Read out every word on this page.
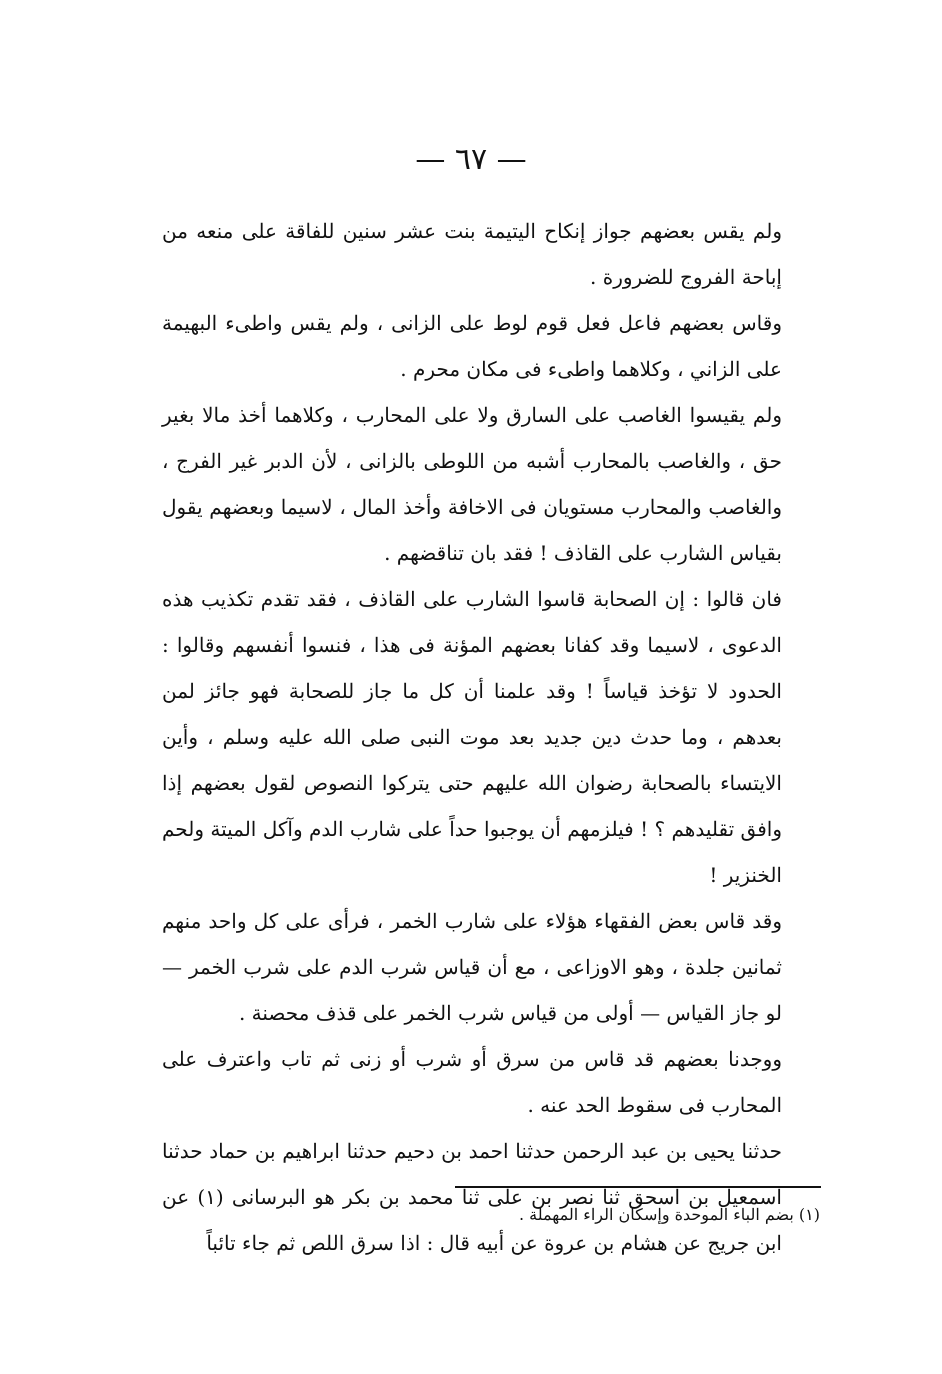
— ٦٧ —

ولم يقس بعضهم جواز إنكاح اليتيمة بنت عشر سنين للفاقة على منعه من إباحة الفروج للضرورة .

وقاس بعضهم فاعل فعل قوم لوط على الزانى ، ولم يقس واطىء البهيمة على الزاني ، وكلاهما واطىء فى مكان محرم .

ولم يقيسوا الغاصب على السارق ولا على المحارب ، وكلاهما أخذ مالا بغير حق ، والغاصب بالمحارب أشبه من اللوطى بالزانى ، لأن الدبر غير الفرج ، والغاصب والمحارب مستويان فى الاخافة وأخذ المال ، لاسيما وبعضهم يقول بقياس الشارب على القاذف ! فقد بان تناقضهم .

فان قالوا : إن الصحابة قاسوا الشارب على القاذف ، فقد تقدم تكذيب هذه الدعوى ، لاسيما وقد كفانا بعضهم المؤنة فى هذا ، فنسوا أنفسهم وقالوا : الحدود لا تؤخذ قياساً ! وقد علمنا أن كل ما جاز للصحابة فهو جائز لمن بعدهم ، وما حدث دين جديد بعد موت النبى صلى الله عليه وسلم ، وأين الايتساء بالصحابة رضوان الله عليهم حتى يتركوا النصوص لقول بعضهم إذا وافق تقليدهم ؟ ! فيلزمهم أن يوجبوا حداً على شارب الدم وآكل الميتة ولحم الخنزير !

وقد قاس بعض الفقهاء هؤلاء على شارب الخمر ، فرأى على كل واحد منهم ثمانين جلدة ، وهو الاوزاعى ، مع أن قياس شرب الدم على شرب الخمر — لو جاز القياس — أولى من قياس شرب الخمر على قذف محصنة .

ووجدنا بعضهم قد قاس من سرق أو شرب أو زنى ثم تاب واعترف على المحارب فى سقوط الحد عنه .

حدثنا يحيى بن عبد الرحمن حدثنا احمد بن دحيم حدثنا ابراهيم بن حماد حدثنا اسمعيل بن اسحق ثنا نصر بن على ثنا محمد بن بكر هو البرسانى (١) عن ابن جريج عن هشام بن عروة عن أبيه قال : اذا سرق اللص ثم جاء تائباً

(١) بضم الباء الموحدة وإسكان الراء المهملة .
